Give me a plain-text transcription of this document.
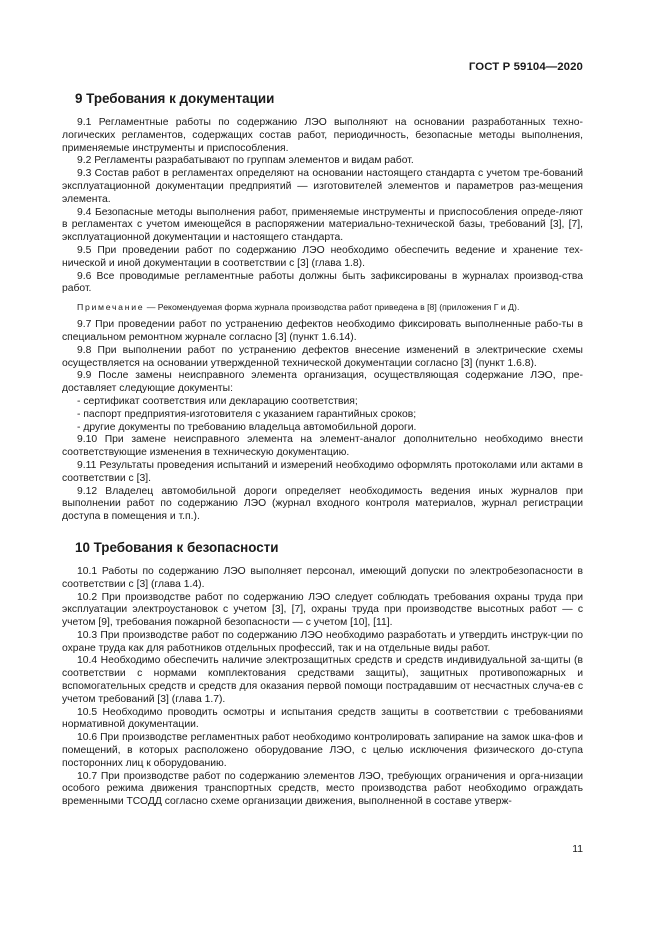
ГОСТ Р 59104—2020
9 Требования к документации

9.1 Регламентные работы по содержанию ЛЭО выполняют на основании разработанных техно-логических регламентов, содержащих состав работ, периодичность, безопасные методы выполнения, применяемые инструменты и приспособления.

9.2 Регламенты разрабатывают по группам элементов и видам работ.

9.3 Состав работ в регламентах определяют на основании настоящего стандарта с учетом тре-бований эксплуатационной документации предприятий — изготовителей элементов и параметров раз-мещения элемента.

9.4 Безопасные методы выполнения работ, применяемые инструменты и приспособления опреде-ляют в регламентах с учетом имеющейся в распоряжении материально-технической базы, требований [3], [7], эксплуатационной документации и настоящего стандарта.

9.5 При проведении работ по содержанию ЛЭО необходимо обеспечить ведение и хранение тех-нической и иной документации в соответствии с [3] (глава 1.8).

9.6 Все проводимые регламентные работы должны быть зафиксированы в журналах производ-ства работ.

Примечание — Рекомендуемая форма журнала производства работ приведена в [8] (приложения Г и Д).

9.7 При проведении работ по устранению дефектов необходимо фиксировать выполненные рабо-ты в специальном ремонтном журнале согласно [3] (пункт 1.6.14).

9.8 При выполнении работ по устранению дефектов внесение изменений в электрические схемы осуществляется на основании утвержденной технической документации согласно [3] (пункт 1.6.8).

9.9 После замены неисправного элемента организация, осуществляющая содержание ЛЭО, пре-доставляет следующие документы:

- сертификат соответствия или декларацию соответствия;

- паспорт предприятия-изготовителя с указанием гарантийных сроков;

- другие документы по требованию владельца автомобильной дороги.

9.10 При замене неисправного элемента на элемент-аналог дополнительно необходимо внести соответствующие изменения в техническую документацию.

9.11 Результаты проведения испытаний и измерений необходимо оформлять протоколами или актами в соответствии с [3].

9.12 Владелец автомобильной дороги определяет необходимость ведения иных журналов при выполнении работ по содержанию ЛЭО (журнал входного контроля материалов, журнал регистрации доступа в помещения и т.п.).

10 Требования к безопасности

10.1 Работы по содержанию ЛЭО выполняет персонал, имеющий допуски по электробезопасности в соответствии с [3] (глава 1.4).

10.2 При производстве работ по содержанию ЛЭО следует соблюдать требования охраны труда при эксплуатации электроустановок с учетом [3], [7], охраны труда при производстве высотных работ — с учетом [9], требования пожарной безопасности — с учетом [10], [11].

10.3 При производстве работ по содержанию ЛЭО необходимо разработать и утвердить инструк-ции по охране труда как для работников отдельных профессий, так и на отдельные виды работ.

10.4 Необходимо обеспечить наличие электрозащитных средств и средств индивидуальной за-щиты (в соответствии с нормами комплектования средствами защиты), защитных противопожарных и вспомогательных средств и средств для оказания первой помощи пострадавшим от несчастных случа-ев с учетом требований [3] (глава 1.7).

10.5 Необходимо проводить осмотры и испытания средств защиты в соответствии с требованиями нормативной документации.

10.6 При производстве регламентных работ необходимо контролировать запирание на замок шка-фов и помещений, в которых расположено оборудование ЛЭО, с целью исключения физического до-ступа посторонних лиц к оборудованию.

10.7 При производстве работ по содержанию элементов ЛЭО, требующих ограничения и орга-низации особого режима движения транспортных средств, место производства работ необходимо ограждать временными ТСОДД согласно схеме организации движения, выполненной в составе утверж-

11
